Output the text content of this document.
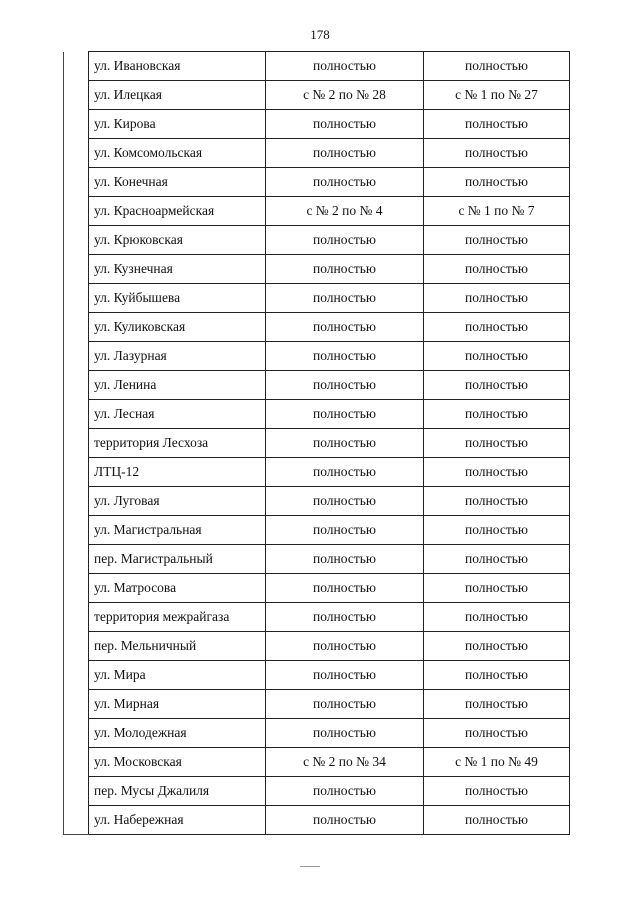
178
	ул. Ивановская	полностью	полностью
	ул. Илецкая	с № 2 по № 28	с № 1 по № 27
	ул. Кирова	полностью	полностью
	ул. Комсомольская	полностью	полностью
	ул. Конечная	полностью	полностью
	ул. Красноармейская	с № 2 по № 4	с № 1 по № 7
	ул. Крюковская	полностью	полностью
	ул. Кузнечная	полностью	полностью
	ул. Куйбышева	полностью	полностью
	ул. Куликовская	полностью	полностью
	ул. Лазурная	полностью	полностью
	ул. Ленина	полностью	полностью
	ул. Лесная	полностью	полностью
	территория Лесхоза	полностью	полностью
	ЛТЦ-12	полностью	полностью
	ул. Луговая	полностью	полностью
	ул. Магистральная	полностью	полностью
	пер. Магистральный	полностью	полностью
	ул. Матросова	полностью	полностью
	территория межрайгаза	полностью	полностью
	пер. Мельничный	полностью	полностью
	ул. Мира	полностью	полностью
	ул. Мирная	полностью	полностью
	ул. Молодежная	полностью	полностью
	ул. Московская	с № 2 по № 34	с № 1 по № 49
	пер. Мусы Джалиля	полностью	полностью
	ул. Набережная	полностью	полностью
